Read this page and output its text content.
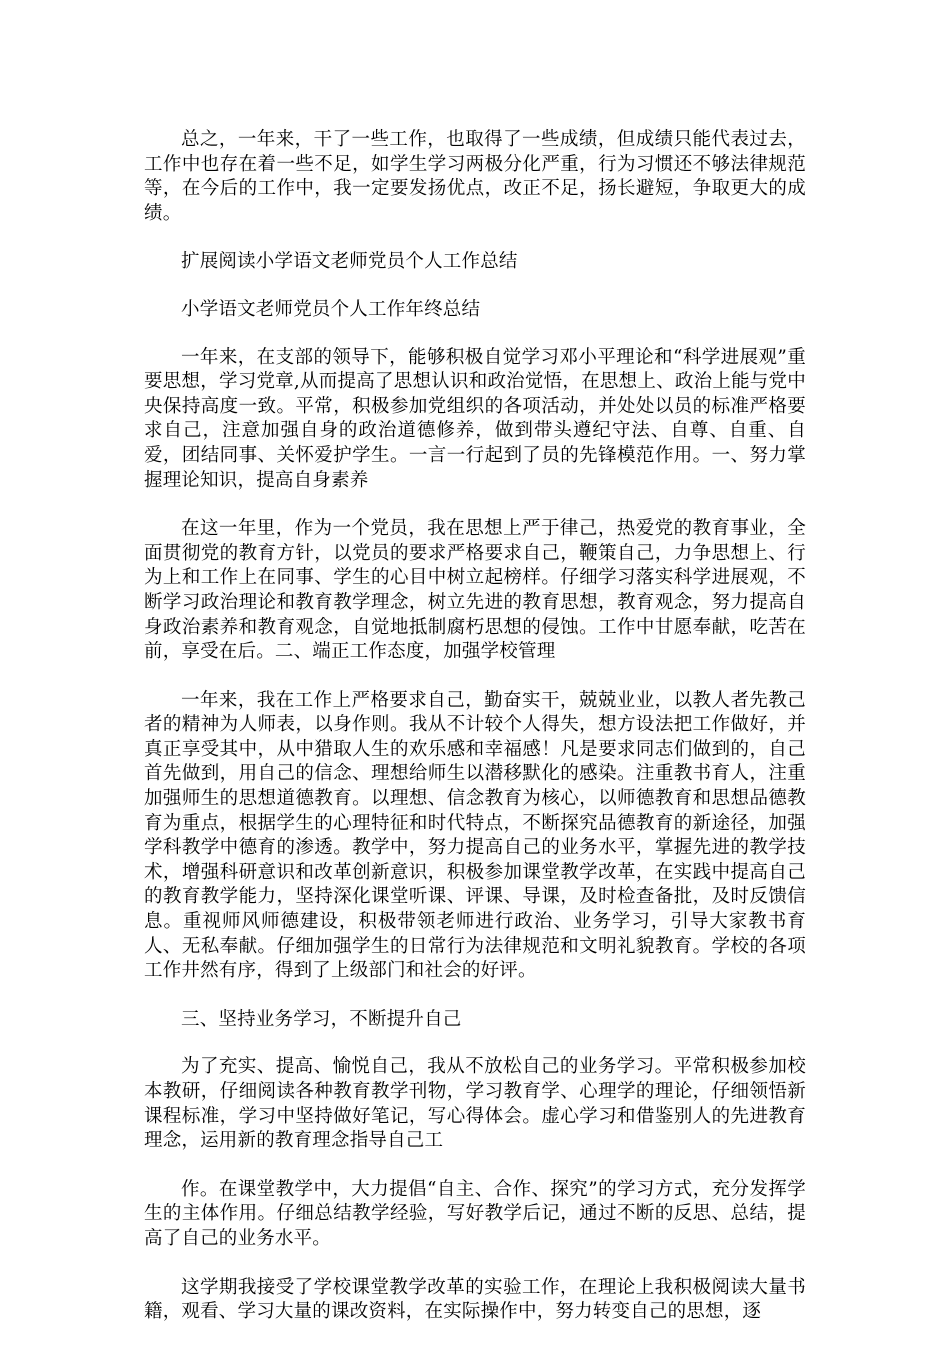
总之，一年来，干了一些工作，也取得了一些成绩，但成绩只能代表过去，工作中也存在着一些不足，如学生学习两极分化严重，行为习惯还不够法律规范等，在今后的工作中，我一定要发扬优点，改正不足，扬长避短，争取更大的成绩。

扩展阅读小学语文老师党员个人工作总结

小学语文老师党员个人工作年终总结

一年来，在支部的领导下，能够积极自觉学习邓小平理论和“科学进展观”重要思想，学习党章,从而提高了思想认识和政治觉悟，在思想上、政治上能与党中央保持高度一致。平常，积极参加党组织的各项活动，并处处以员的标准严格要求自己，注意加强自身的政治道德修养，做到带头遵纪守法、自尊、自重、自爱，团结同事、关怀爱护学生。一言一行起到了员的先锋模范作用。一、努力掌握理论知识，提高自身素养

在这一年里，作为一个党员，我在思想上严于律己，热爱党的教育事业，全面贯彻党的教育方针，以党员的要求严格要求自己，鞭策自己，力争思想上、行为上和工作上在同事、学生的心目中树立起榜样。仔细学习落实科学进展观，不断学习政治理论和教育教学理念，树立先进的教育思想，教育观念，努力提高自身政治素养和教育观念，自觉地抵制腐朽思想的侵蚀。工作中甘愿奉献，吃苦在前，享受在后。二、端正工作态度，加强学校管理

一年来，我在工作上严格要求自己，勤奋实干，兢兢业业，以教人者先教己者的精神为人师表，以身作则。我从不计较个人得失，想方设法把工作做好，并真正享受其中，从中猎取人生的欢乐感和幸福感！凡是要求同志们做到的，自己首先做到，用自己的信念、理想给师生以潜移默化的感染。注重教书育人，注重加强师生的思想道德教育。以理想、信念教育为核心，以师德教育和思想品德教育为重点，根据学生的心理特征和时代特点，不断探究品德教育的新途径，加强学科教学中德育的渗透。教学中，努力提高自己的业务水平，掌握先进的教学技术，增强科研意识和改革创新意识，积极参加课堂教学改革，在实践中提高自己的教育教学能力，坚持深化课堂听课、评课、导课，及时检查备批，及时反馈信息。重视师风师德建设，积极带领老师进行政治、业务学习，引导大家教书育人、无私奉献。仔细加强学生的日常行为法律规范和文明礼貌教育。学校的各项工作井然有序，得到了上级部门和社会的好评。

三、坚持业务学习，不断提升自己

为了充实、提高、愉悦自己，我从不放松自己的业务学习。平常积极参加校本教研，仔细阅读各种教育教学刊物，学习教育学、心理学的理论，仔细领悟新课程标准，学习中坚持做好笔记，写心得体会。虚心学习和借鉴别人的先进教育理念，运用新的教育理念指导自己工

作。在课堂教学中，大力提倡“自主、合作、探究”的学习方式，充分发挥学生的主体作用。仔细总结教学经验，写好教学后记，通过不断的反思、总结，提高了自己的业务水平。

这学期我接受了学校课堂教学改革的实验工作，在理论上我积极阅读大量书籍，观看、学习大量的课改资料，在实际操作中，努力转变自己的思想，逐
